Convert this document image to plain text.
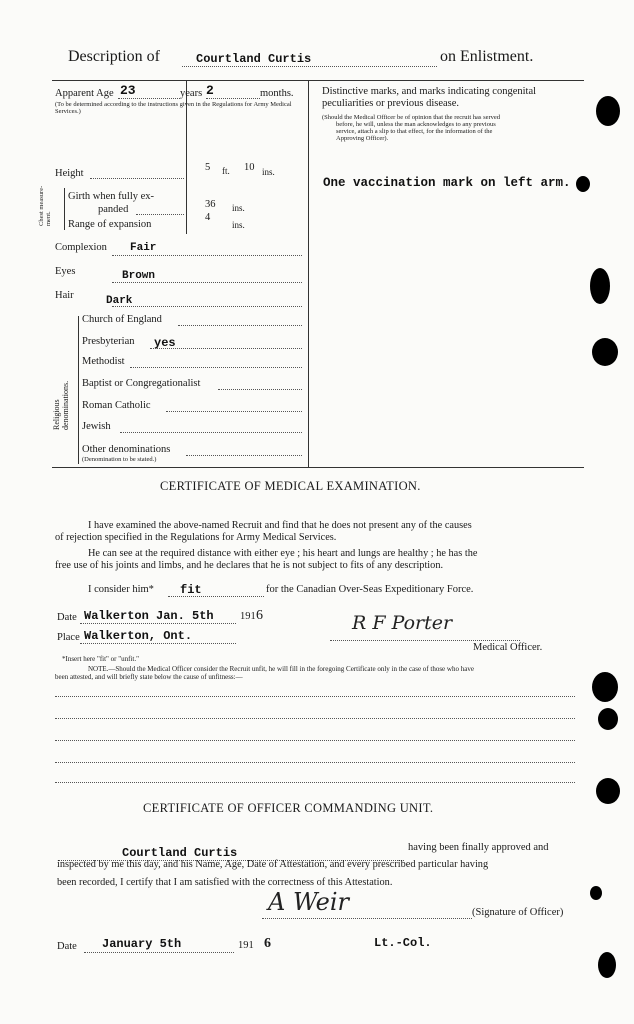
Description of	Courtland Curtis	on Enlistment.
Apparent Age 23	years 2	months.
(To be determined according to the instructions given in the Regulations for Army Medical Services.)
Height
5 ft. 10 ins.
Chest measure-ment.
Girth when fully ex-
panded	36 ins.
Range of expansion
4
ins.
Complexion Fair
Eyes	Brown
Hair	Dark
Religious denominations.
Church of England
Presbyterian yes
Methodist
Baptist or Congregationalist
Roman Catholic
Jewish
Other denominations
(Denomination to be stated.)
Distinctive marks, and marks indicating congenital
peculiarities or previous disease.
(Should the Medical Officer be of opinion that the recruit has served
before, he will, unless the man acknowledges to any previous
service, attach a slip to that effect, for the information of the
Approving Officer).
One vaccination mark on left arm.
CERTIFICATE OF MEDICAL EXAMINATION.
I have examined the above-named Recruit and find that he does not present any of the causes
of rejection specified in the Regulations for Army Medical Services.
He can see at the required distance with either eye ; his heart and lungs are healthy ; he has the
free use of his joints and limbs, and he declares that he is not subject to fits of any description.
I consider him* fit	for the Canadian Over-Seas Expeditionary Force.
Date Walkerton Jan. 5th	191 6
Place Walkerton, Ont.
R F Porter
Medical Officer.
*Insert here "fit" or "unfit."
NOTE.—Should the Medical Officer consider the Recruit unfit, he will fill in the foregoing Certificate only in the case of those who have
been attested, and will briefly state below the cause of unfitness:—
CERTIFICATE OF OFFICER COMMANDING UNIT.
Courtland Curtis	having been finally approved and
inspected by me this day, and his Name, Age, Date of Attestation, and every prescribed particular having
been recorded, I certify that I am satisfied with the correctness of this Attestation.
A Weir	(Signature of Officer)
Date January 5th	191 6	Lt.-Col.
